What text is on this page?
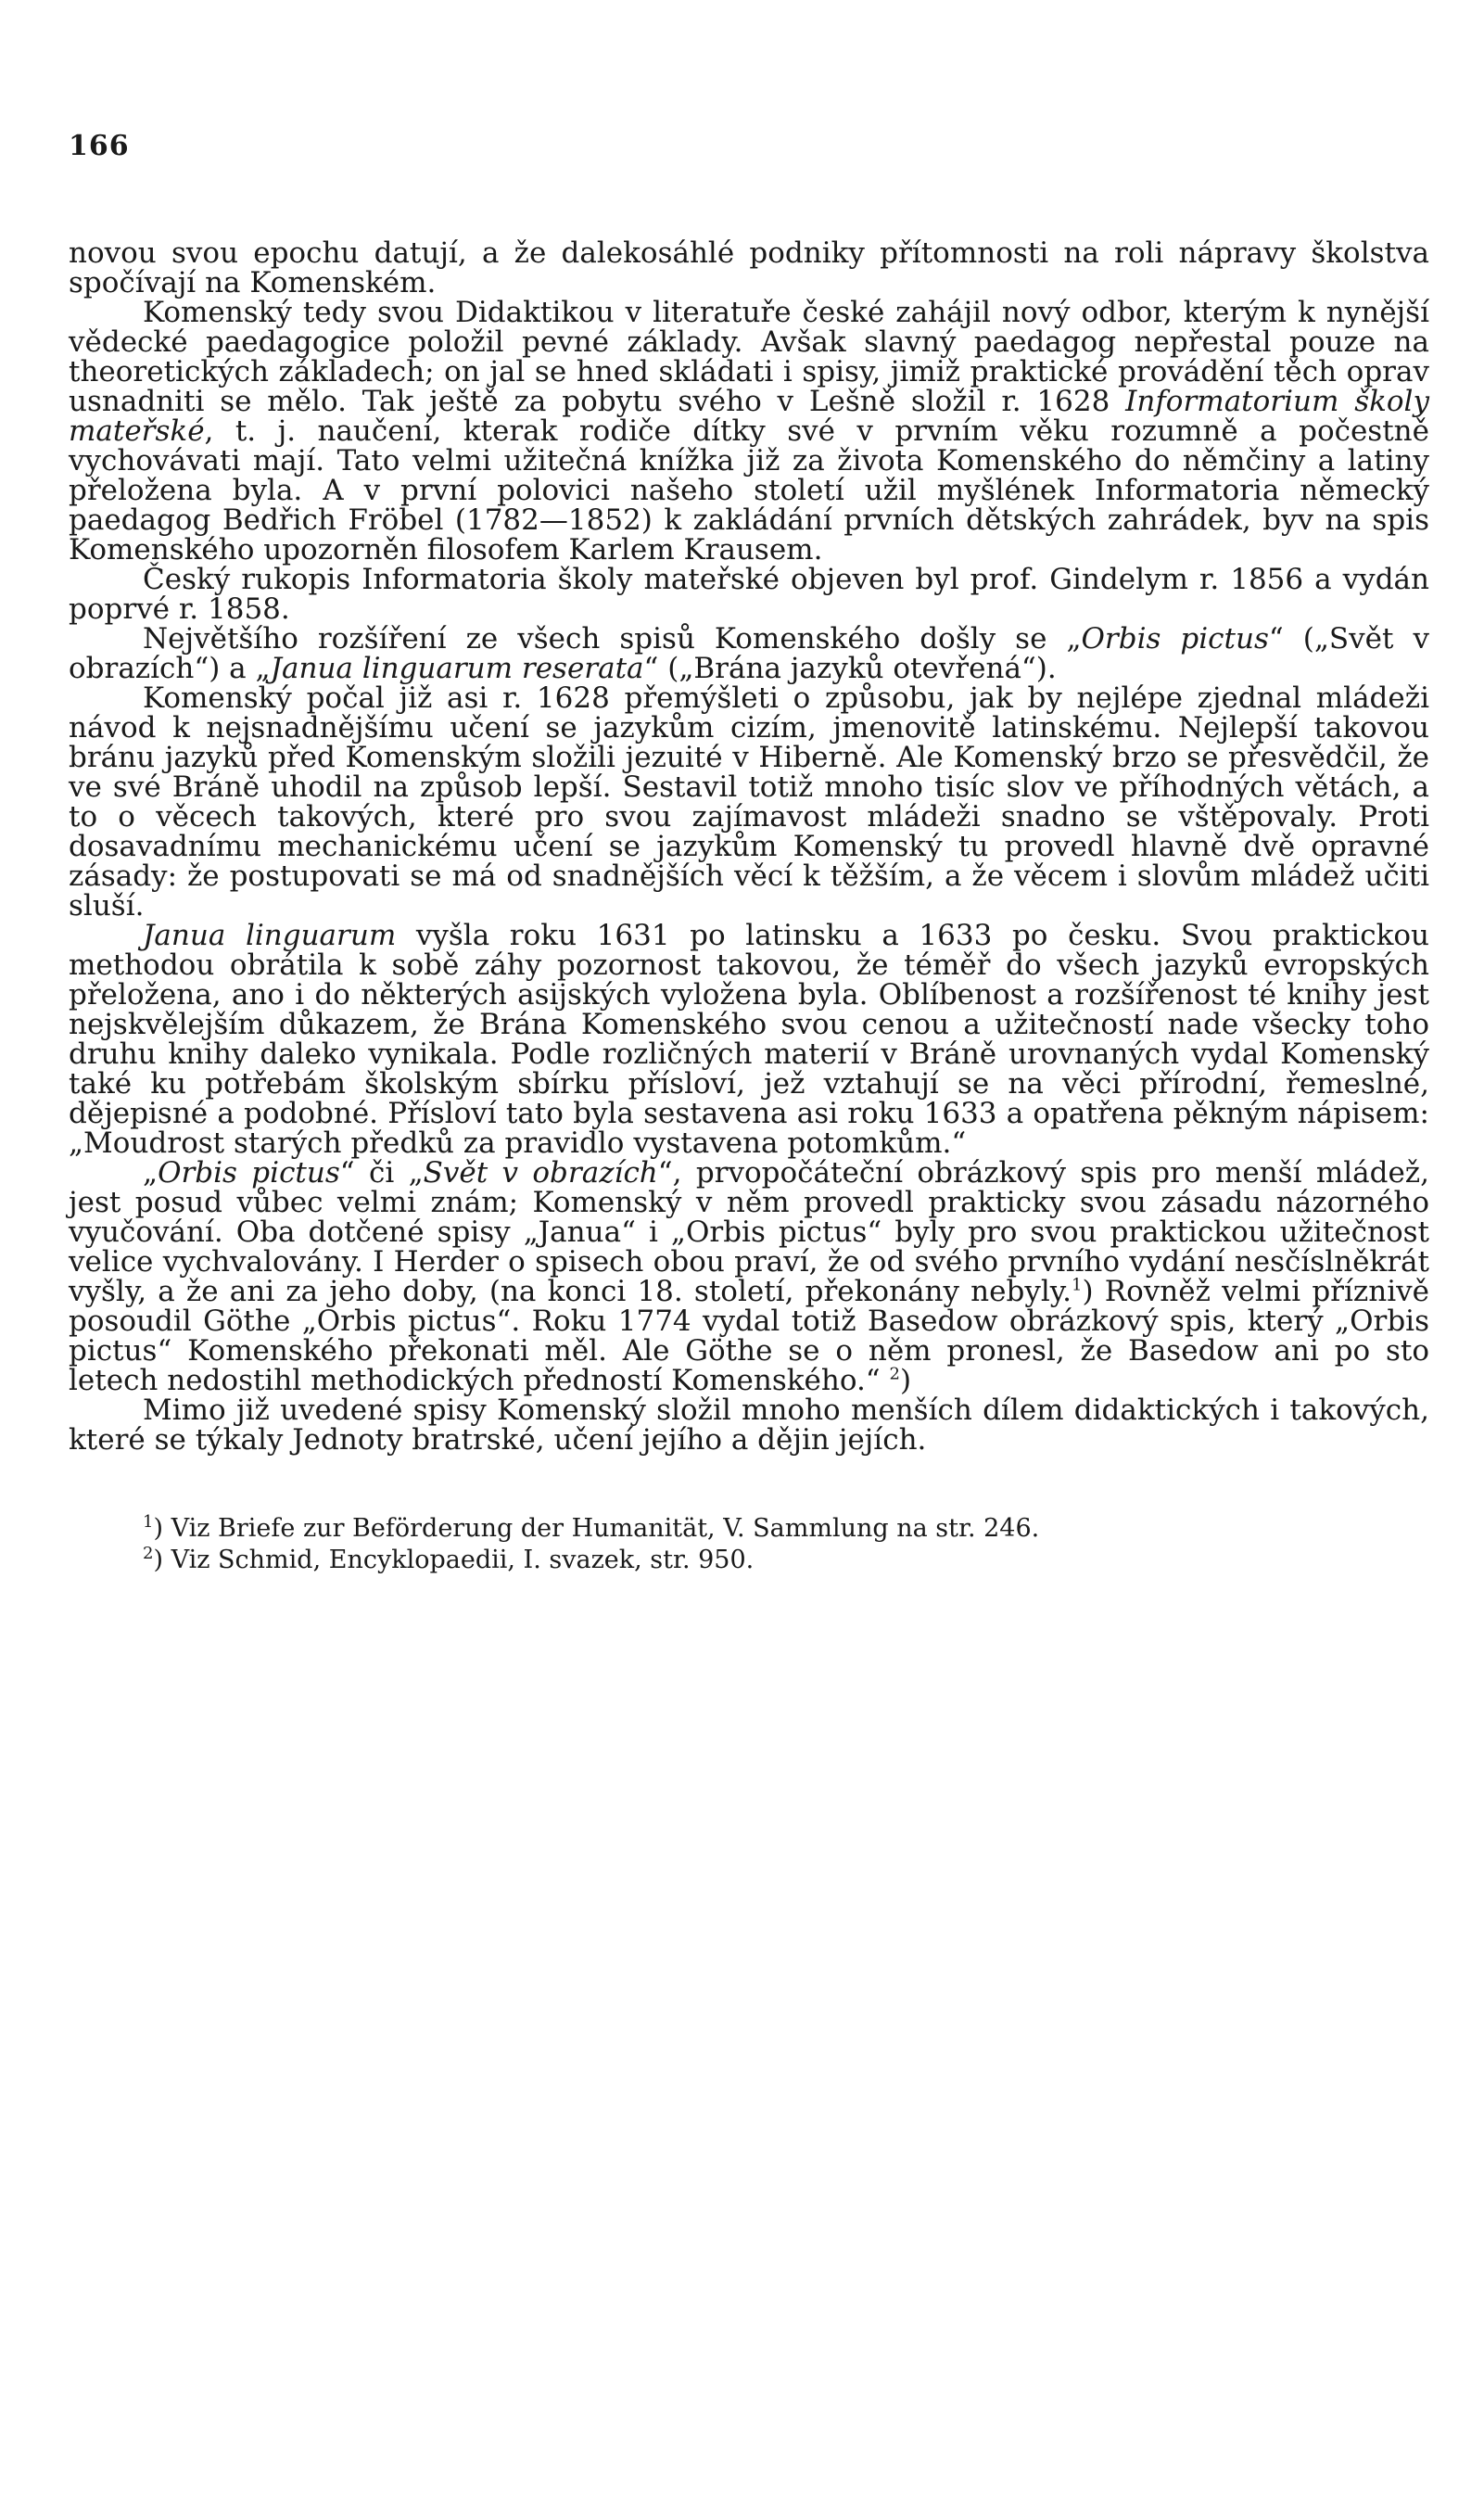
166

novou svou epochu datují, a že dalekosáhlé podniky přítomnosti na roli nápravy školstva spočívají na Komenském.

Komenský tedy svou Didaktikou v literatuře české zahájil nový odbor, kterým k nynější vědecké paedagogice položil pevné základy. Avšak slavný paedagog nepřestal pouze na theoretických základech; on jal se hned skládati i spisy, jimiž praktické provádění těch oprav usnadniti se mělo. Tak ještě za pobytu svého v Lešně složil r. 1628 Informatorium školy mateřské, t. j. naučení, kterak rodiče dítky své v prvním věku rozumně a počestně vychovávati mají. Tato velmi užitečná knížka již za života Komenského do němčiny a latiny přeložena byla. A v první polovici našeho století užil myšlének Informatoria německý paedagog Bedřich Fröbel (1782—1852) k zakládání prvních dětských zahrádek, byv na spis Komenského upozorněn filosofem Karlem Krausem.

Český rukopis Informatoria školy mateřské objeven byl prof. Gindelym r. 1856 a vydán poprvé r. 1858.

Největšího rozšíření ze všech spisů Komenského došly se „Orbis pictus“ („Svět v obrazích“) a „Janua linguarum reserata“ („Brána jazyků otevřená“).

Komenský počal již asi r. 1628 přemýšleti o způsobu, jak by nejlépe zjednal mládeži návod k nejsnadnějšímu učení se jazykům cizím, jmenovitě latinskému. Nejlepší takovou bránu jazyků před Komenským složili jezuité v Hiberně. Ale Komenský brzo se přesvědčil, že ve své Bráně uhodil na způsob lepší. Sestavil totiž mnoho tisíc slov ve příhodných větách, a to o věcech takových, které pro svou zajímavost mládeži snadno se vštěpovaly. Proti dosavadnímu mechanickému učení se jazykům Komenský tu provedl hlavně dvě opravné zásady: že postupovati se má od snadnějších věcí k těžším, a že věcem i slovům mládež učiti sluší.

Janua linguarum vyšla roku 1631 po latinsku a 1633 po česku. Svou praktickou methodou obrátila k sobě záhy pozornost takovou, že téměř do všech jazyků evropských přeložena, ano i do některých asijských vyložena byla. Oblíbenost a rozšířenost té knihy jest nejskvělejším důkazem, že Brána Komenského svou cenou a užitečností nade všecky toho druhu knihy daleko vynikala. Podle rozličných materií v Bráně urovnaných vydal Komenský také ku potřebám školským sbírku přísloví, jež vztahují se na věci přírodní, řemeslné, dějepisné a podobné. Přísloví tato byla sestavena asi roku 1633 a opatřena pěkným nápisem: „Moudrost starých předků za pravidlo vystavena potomkům.“

„Orbis pictus“ či „Svět v obrazích“, prvopočáteční obrázkový spis pro menší mládež, jest posud vůbec velmi znám; Komenský v něm provedl prakticky svou zásadu názorného vyučování. Oba dotčené spisy „Janua“ i „Orbis pictus“ byly pro svou praktickou užitečnost velice vychvalovány. I Herder o spisech obou praví, že od svého prvního vydání nesčíslněkrát vyšly, a že ani za jeho doby, (na konci 18. století, překonány nebyly.$^1$) Rovněž velmi příznivě posoudil Göthe „Orbis pictus“. Roku 1774 vydal totiž Basedow obrázkový spis, který „Orbis pictus“ Komenského překonati měl. Ale Göthe se o něm pronesl, že Basedow ani po sto letech nedostihl methodických předností Komenského.“ $^2$)

Mimo již uvedené spisy Komenský složil mnoho menších dílem didaktických i takových, které se týkaly Jednoty bratrské, učení jejího a dějin jejích.

$^1$) Viz Briefe zur Beförderung der Humanität, V. Sammlung na str. 246.
$^2$) Viz Schmid, Encyklopaedii, I. svazek, str. 950.
